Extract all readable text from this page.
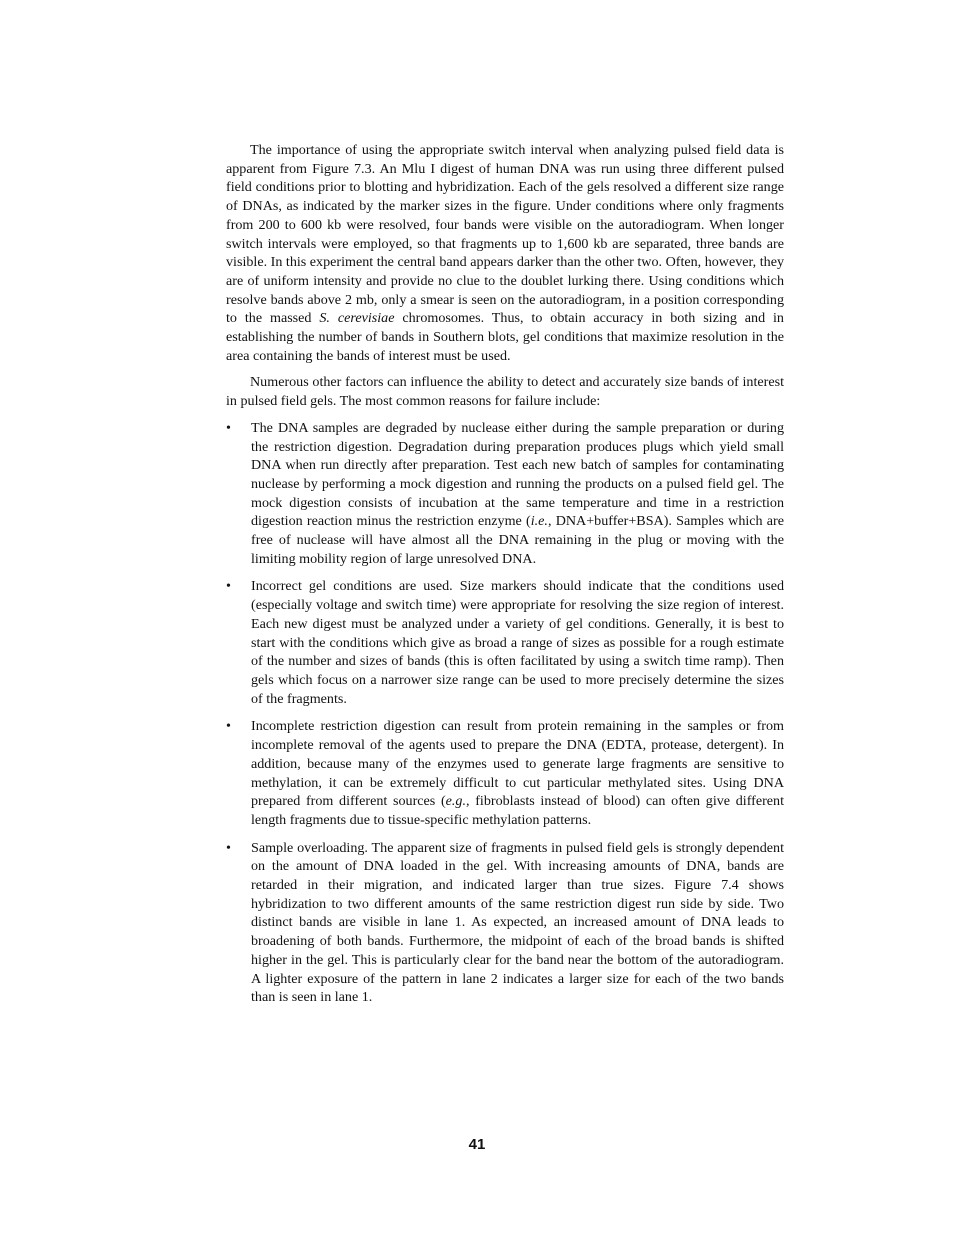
The importance of using the appropriate switch interval when analyzing pulsed field data is apparent from Figure 7.3. An Mlu I digest of human DNA was run using three different pulsed field conditions prior to blotting and hybridization. Each of the gels resolved a different size range of DNAs, as indicated by the marker sizes in the figure. Under conditions where only fragments from 200 to 600 kb were resolved, four bands were visible on the autoradiogram. When longer switch intervals were employed, so that fragments up to 1,600 kb are separated, three bands are visible. In this experiment the central band appears darker than the other two. Often, however, they are of uniform intensity and provide no clue to the doublet lurking there. Using conditions which resolve bands above 2 mb, only a smear is seen on the autoradiogram, in a position corresponding to the massed S. cerevisiae chromosomes. Thus, to obtain accuracy in both sizing and in establishing the number of bands in Southern blots, gel conditions that maximize resolution in the area containing the bands of interest must be used.

Numerous other factors can influence the ability to detect and accurately size bands of interest in pulsed field gels. The most common reasons for failure include:

• The DNA samples are degraded by nuclease either during the sample preparation or during the restriction digestion. Degradation during preparation produces plugs which yield small DNA when run directly after preparation. Test each new batch of samples for contaminating nuclease by performing a mock digestion and running the products on a pulsed field gel. The mock digestion consists of incubation at the same temperature and time in a restriction digestion reaction minus the restriction enzyme (i.e., DNA+buffer+BSA). Samples which are free of nuclease will have almost all the DNA remaining in the plug or moving with the limiting mobility region of large unresolved DNA.
• Incorrect gel conditions are used. Size markers should indicate that the conditions used (especially voltage and switch time) were appropriate for resolving the size region of interest. Each new digest must be analyzed under a variety of gel conditions. Generally, it is best to start with the conditions which give as broad a range of sizes as possible for a rough estimate of the number and sizes of bands (this is often facilitated by using a switch time ramp). Then gels which focus on a narrower size range can be used to more precisely determine the sizes of the fragments.
• Incomplete restriction digestion can result from protein remaining in the samples or from incomplete removal of the agents used to prepare the DNA (EDTA, protease, detergent). In addition, because many of the enzymes used to generate large fragments are sensitive to methylation, it can be extremely difficult to cut particular methylated sites. Using DNA prepared from different sources (e.g., fibroblasts instead of blood) can often give different length fragments due to tissue-specific methylation patterns.
• Sample overloading. The apparent size of fragments in pulsed field gels is strongly dependent on the amount of DNA loaded in the gel. With increasing amounts of DNA, bands are retarded in their migration, and indicated larger than true sizes. Figure 7.4 shows hybridization to two different amounts of the same restriction digest run side by side. Two distinct bands are visible in lane 1. As expected, an increased amount of DNA leads to broadening of both bands. Furthermore, the midpoint of each of the broad bands is shifted higher in the gel. This is particularly clear for the band near the bottom of the autoradiogram. A lighter exposure of the pattern in lane 2 indicates a larger size for each of the two bands than is seen in lane 1.
41
